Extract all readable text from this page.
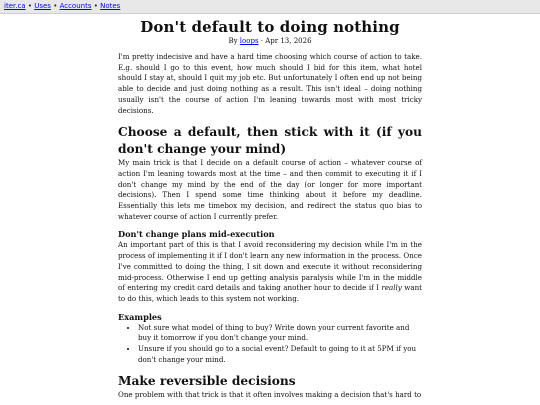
iter.ca • Uses • Accounts • Notes
Don't default to doing nothing
By loops · Apr 13, 2026

I'm pretty indecisive and have a hard time choosing which course of action to take. E.g. should I go to this event, how much should I bid for this item, what hotel should I stay at, should I quit my job etc. But unfortunately I often end up not being able to decide and just doing nothing as a result. This isn't ideal – doing nothing usually isn't the course of action I'm leaning towards most with most tricky decisions.

Choose a default, then stick with it (if you don't change your mind)

My main trick is that I decide on a default course of action – whatever course of action I'm leaning towards most at the time – and then commit to executing it if I don't change my mind by the end of the day (or longer for more important decisions). Then I spend some time thinking about it before my deadline. Essentially this lets me timebox my decision, and redirect the status quo bias to whatever course of action I currently prefer.

Don't change plans mid-execution

An important part of this is that I avoid reconsidering my decision while I'm in the process of implementing it if I don't learn any new information in the process. Once I've committed to doing the thing, I sit down and execute it without reconsidering mid-process. Otherwise I end up getting analysis paralysis while I'm in the middle of entering my credit card details and taking another hour to decide if I really want to do this, which leads to this system not working.

Examples
• Not sure what model of thing to buy? Write down your current favorite and buy it tomorrow if you don't change your mind.
• Unsure if you should go to a social event? Default to going to it at 5PM if you don't change your mind.
Make reversible decisions

One problem with that trick is that it often involves making a decision that's hard to
